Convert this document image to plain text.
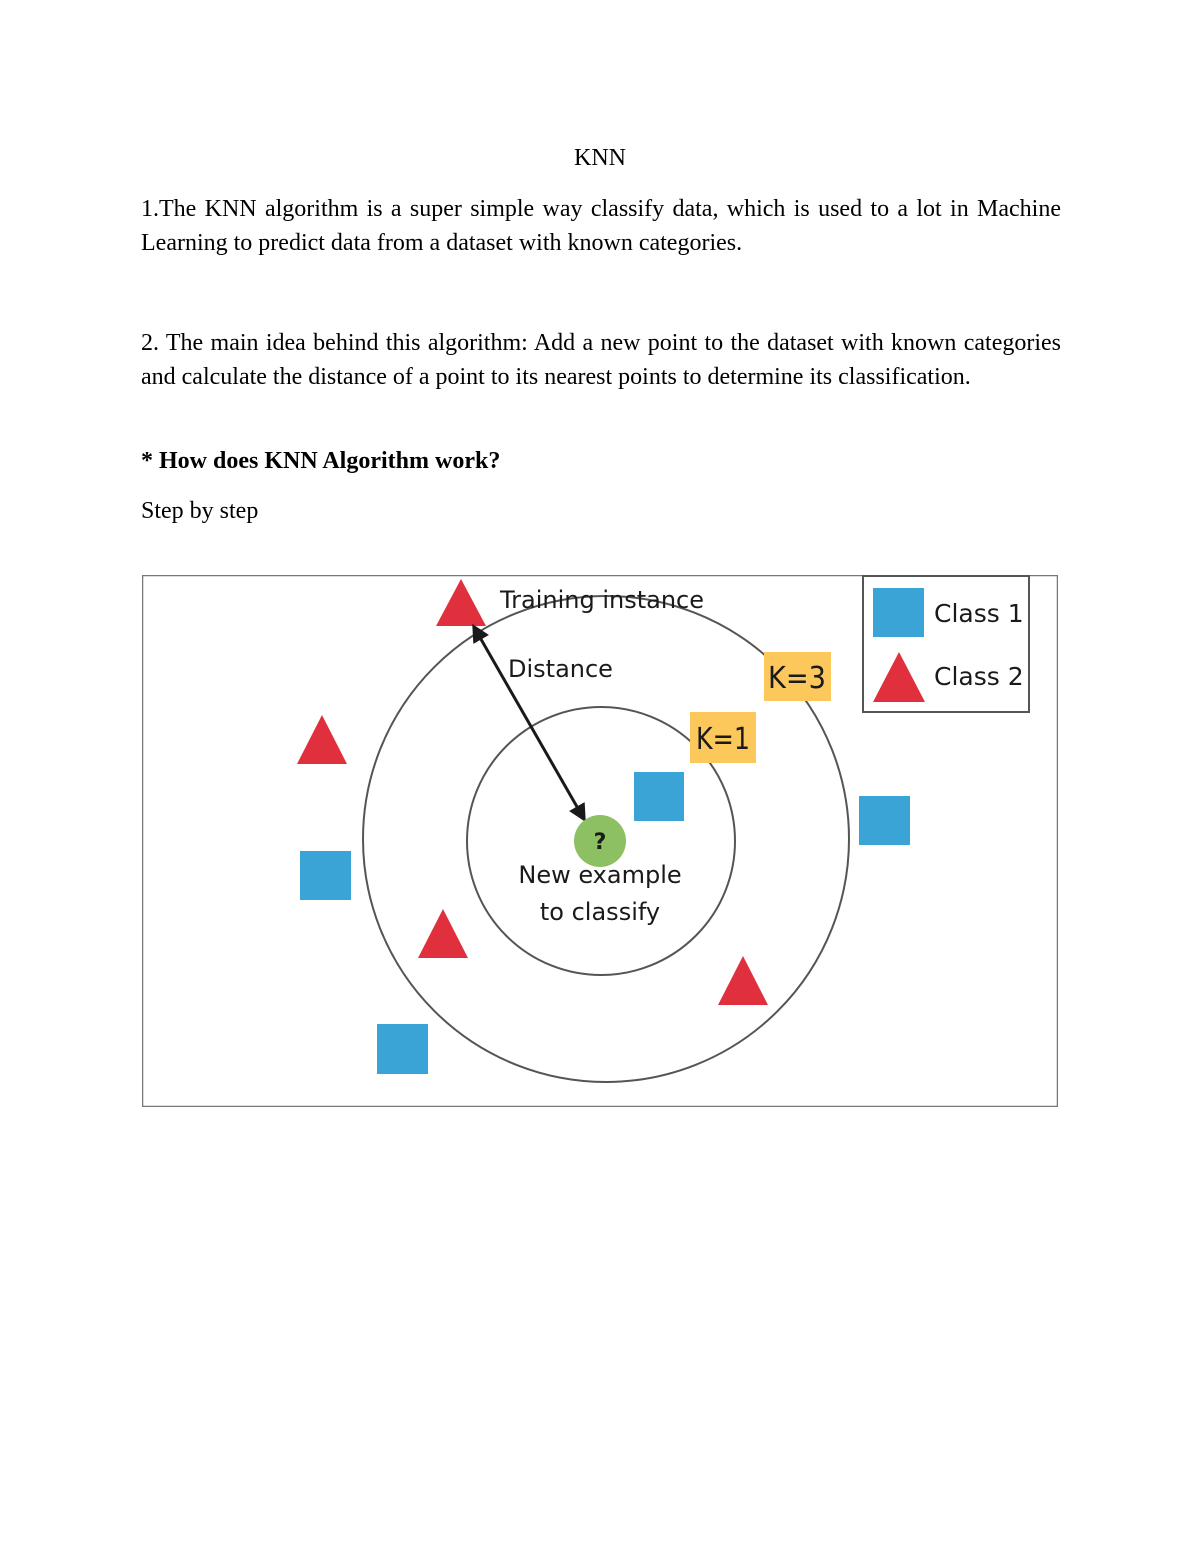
KNN

1.The KNN algorithm is a super simple way classify data, which is used to a lot in Machine Learning to predict data from a dataset with known categories.

2. The main idea behind this algorithm: Add a new point to the dataset with known categories and calculate the distance of a point to its nearest points to determine its classification.

* How does KNN Algorithm work?

Step by step

?
Training instance
Distance
New example
to classify
K=3
K=1
Class 1
Class 2
